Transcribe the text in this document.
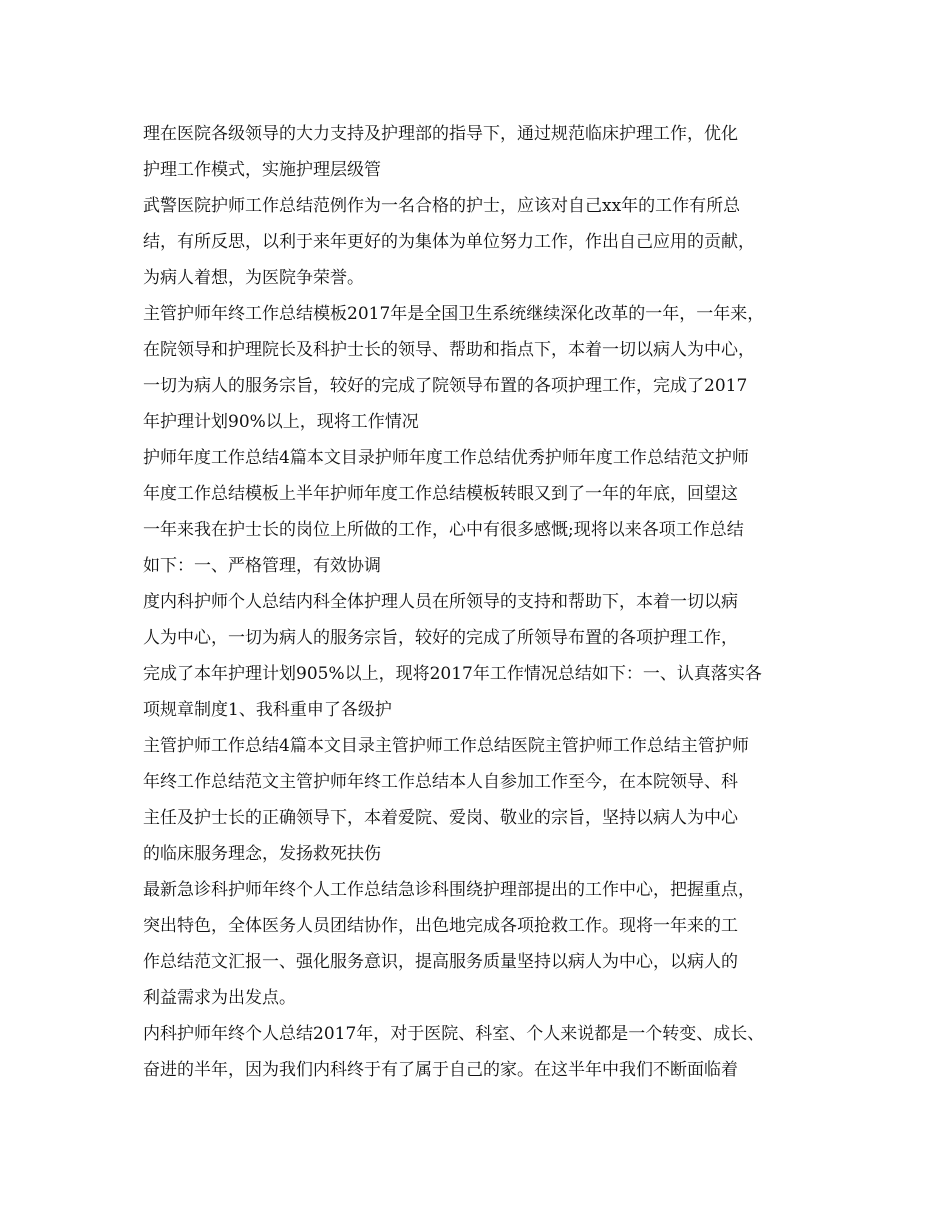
理在医院各级领导的大力支持及护理部的指导下，通过规范临床护理工作，优化
护理工作模式，实施护理层级管
武警医院护师工作总结范例作为一名合格的护士，应该对自己xx年的工作有所总
结，有所反思，以利于来年更好的为集体为单位努力工作，作出自己应用的贡献，
为病人着想，为医院争荣誉。
主管护师年终工作总结模板2017年是全国卫生系统继续深化改革的一年，一年来，
在院领导和护理院长及科护士长的领导、帮助和指点下，本着一切以病人为中心，
一切为病人的服务宗旨，较好的完成了院领导布置的各项护理工作，完成了2017
年护理计划90%以上，现将工作情况
护师年度工作总结4篇本文目录护师年度工作总结优秀护师年度工作总结范文护师
年度工作总结模板上半年护师年度工作总结模板转眼又到了一年的年底，回望这
一年来我在护士长的岗位上所做的工作，心中有很多感慨;现将以来各项工作总结
如下：一、严格管理，有效协调
度内科护师个人总结内科全体护理人员在所领导的支持和帮助下，本着一切以病
人为中心，一切为病人的服务宗旨，较好的完成了所领导布置的各项护理工作，
完成了本年护理计划905%以上，现将2017年工作情况总结如下：一、认真落实各
项规章制度1、我科重申了各级护
主管护师工作总结4篇本文目录主管护师工作总结医院主管护师工作总结主管护师
年终工作总结范文主管护师年终工作总结本人自参加工作至今，在本院领导、科
主任及护士长的正确领导下，本着爱院、爱岗、敬业的宗旨，坚持以病人为中心
的临床服务理念，发扬救死扶伤
最新急诊科护师年终个人工作总结急诊科围绕护理部提出的工作中心，把握重点，
突出特色，全体医务人员团结协作，出色地完成各项抢救工作。现将一年来的工
作总结范文汇报一、强化服务意识，提高服务质量坚持以病人为中心，以病人的
利益需求为出发点。
内科护师年终个人总结2017年，对于医院、科室、个人来说都是一个转变、成长、
奋进的半年，因为我们内科终于有了属于自己的家。在这半年中我们不断面临着
